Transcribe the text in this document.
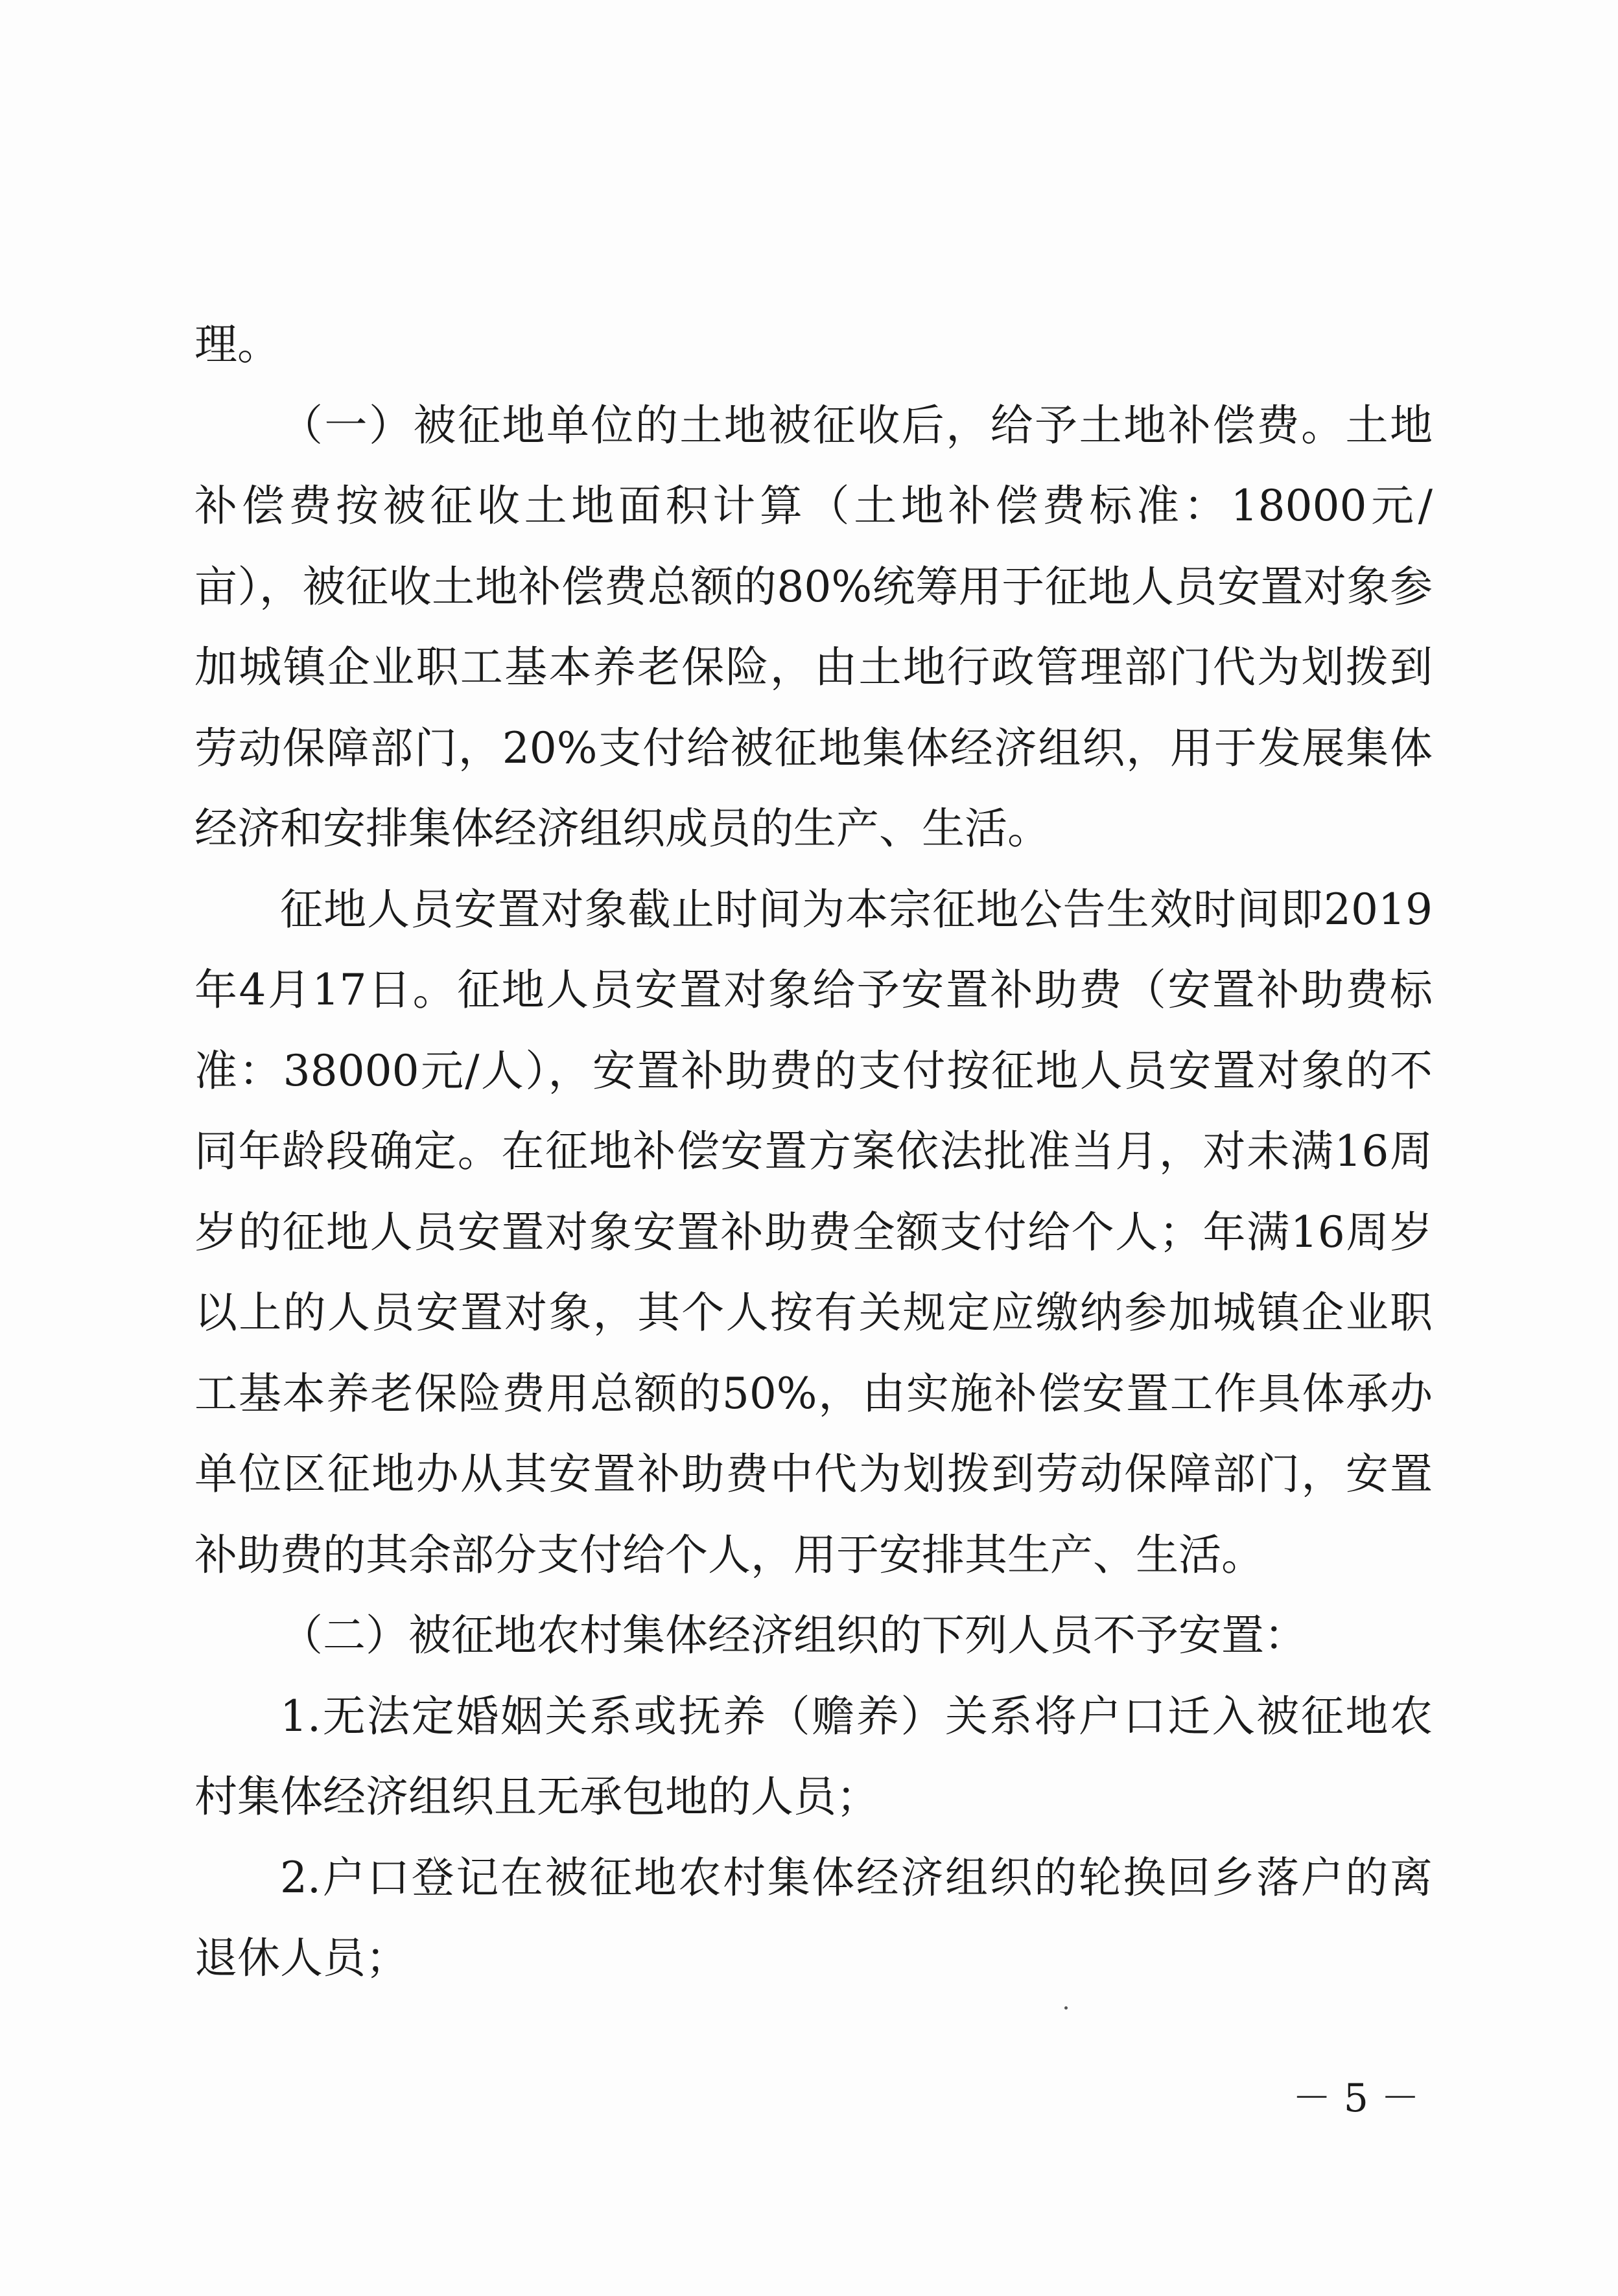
理。

（一）被征地单位的土地被征收后，给予土地补偿费。土地补偿费按被征收土地面积计算（土地补偿费标准：18000元/亩），被征收土地补偿费总额的80%统筹用于征地人员安置对象参加城镇企业职工基本养老保险，由土地行政管理部门代为划拨到劳动保障部门，20%支付给被征地集体经济组织，用于发展集体经济和安排集体经济组织成员的生产、生活。

征地人员安置对象截止时间为本宗征地公告生效时间即2019年4月17日。征地人员安置对象给予安置补助费（安置补助费标准：38000元/人），安置补助费的支付按征地人员安置对象的不同年龄段确定。在征地补偿安置方案依法批准当月，对未满16周岁的征地人员安置对象安置补助费全额支付给个人；年满16周岁以上的人员安置对象，其个人按有关规定应缴纳参加城镇企业职工基本养老保险费用总额的50%，由实施补偿安置工作具体承办单位区征地办从其安置补助费中代为划拨到劳动保障部门，安置补助费的其余部分支付给个人，用于安排其生产、生活。

（二）被征地农村集体经济组织的下列人员不予安置：

1.无法定婚姻关系或抚养（赡养）关系将户口迁入被征地农村集体经济组织且无承包地的人员；

2.户口登记在被征地农村集体经济组织的轮换回乡落户的离退休人员；

－ 5 －
